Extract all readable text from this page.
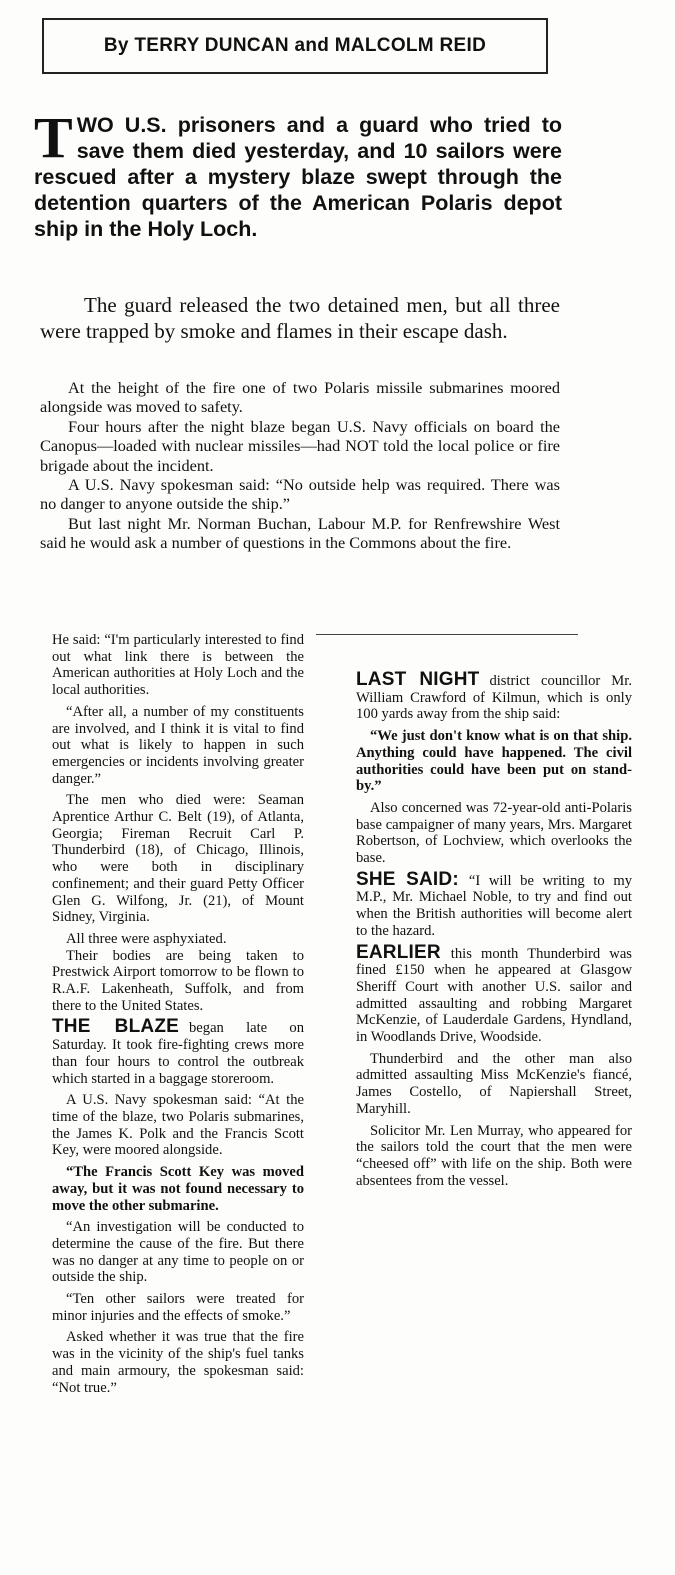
By TERRY DUNCAN and MALCOLM REID
TWO U.S. prisoners and a guard who tried to save them died yesterday, and 10 sailors were rescued after a mystery blaze swept through the detention quarters of the American Polaris depot ship in the Holy Loch.

The guard released the two detained men, but all three were trapped by smoke and flames in their escape dash.

At the height of the fire one of two Polaris missile submarines moored alongside was moved to safety.

Four hours after the night blaze began U.S. Navy officials on board the Canopus—loaded with nuclear missiles—had NOT told the local police or fire brigade about the incident.

A U.S. Navy spokesman said: “No outside help was required. There was no danger to anyone outside the ship.”

But last night Mr. Norman Buchan, Labour M.P. for Renfrewshire West said he would ask a number of questions in the Commons about the fire.

He said: “I'm particularly interested to find out what link there is between the American authorities at Holy Loch and the local authorities.

“After all, a number of my constituents are involved, and I think it is vital to find out what is likely to happen in such emergencies or incidents involving greater danger.”

The men who died were: Seaman Aprentice Arthur C. Belt (19), of Atlanta, Georgia; Fireman Recruit Carl P. Thunderbird (18), of Chicago, Illinois, who were both in disciplinary confinement; and their guard Petty Officer Glen G. Wilfong, Jr. (21), of Mount Sidney, Virginia.

All three were asphyxiated.

Their bodies are being taken to Prestwick Airport tomorrow to be flown to R.A.F. Lakenheath, Suffolk, and from there to the United States.

THE BLAZE began late on Saturday. It took fire-fighting crews more than four hours to control the outbreak which started in a baggage storeroom.

A U.S. Navy spokesman said: “At the time of the blaze, two Polaris submarines, the James K. Polk and the Francis Scott Key, were moored alongside.

“The Francis Scott Key was moved away, but it was not found necessary to move the other submarine.

“An investigation will be conducted to determine the cause of the fire. But there was no danger at any time to people on or outside the ship.

“Ten other sailors were treated for minor injuries and the effects of smoke.”

Asked whether it was true that the fire was in the vicinity of the ship's fuel tanks and main armoury, the spokesman said: “Not true.”

LAST NIGHT district councillor Mr. William Crawford of Kilmun, which is only 100 yards away from the ship said:

“We just don't know what is on that ship. Anything could have happened. The civil authorities could have been put on stand-by.”

Also concerned was 72-year-old anti-Polaris base campaigner of many years, Mrs. Margaret Robertson, of Lochview, which overlooks the base.

SHE SAID: “I will be writing to my M.P., Mr. Michael Noble, to try and find out when the British authorities will become alert to the hazard.

EARLIER this month Thunderbird was fined £150 when he appeared at Glasgow Sheriff Court with another U.S. sailor and admitted assaulting and robbing Margaret McKenzie, of Lauderdale Gardens, Hyndland, in Woodlands Drive, Woodside.

Thunderbird and the other man also admitted assaulting Miss McKenzie's fiancé, James Costello, of Napiershall Street, Maryhill.

Solicitor Mr. Len Murray, who appeared for the sailors told the court that the men were “cheesed off” with life on the ship. Both were absentees from the vessel.
